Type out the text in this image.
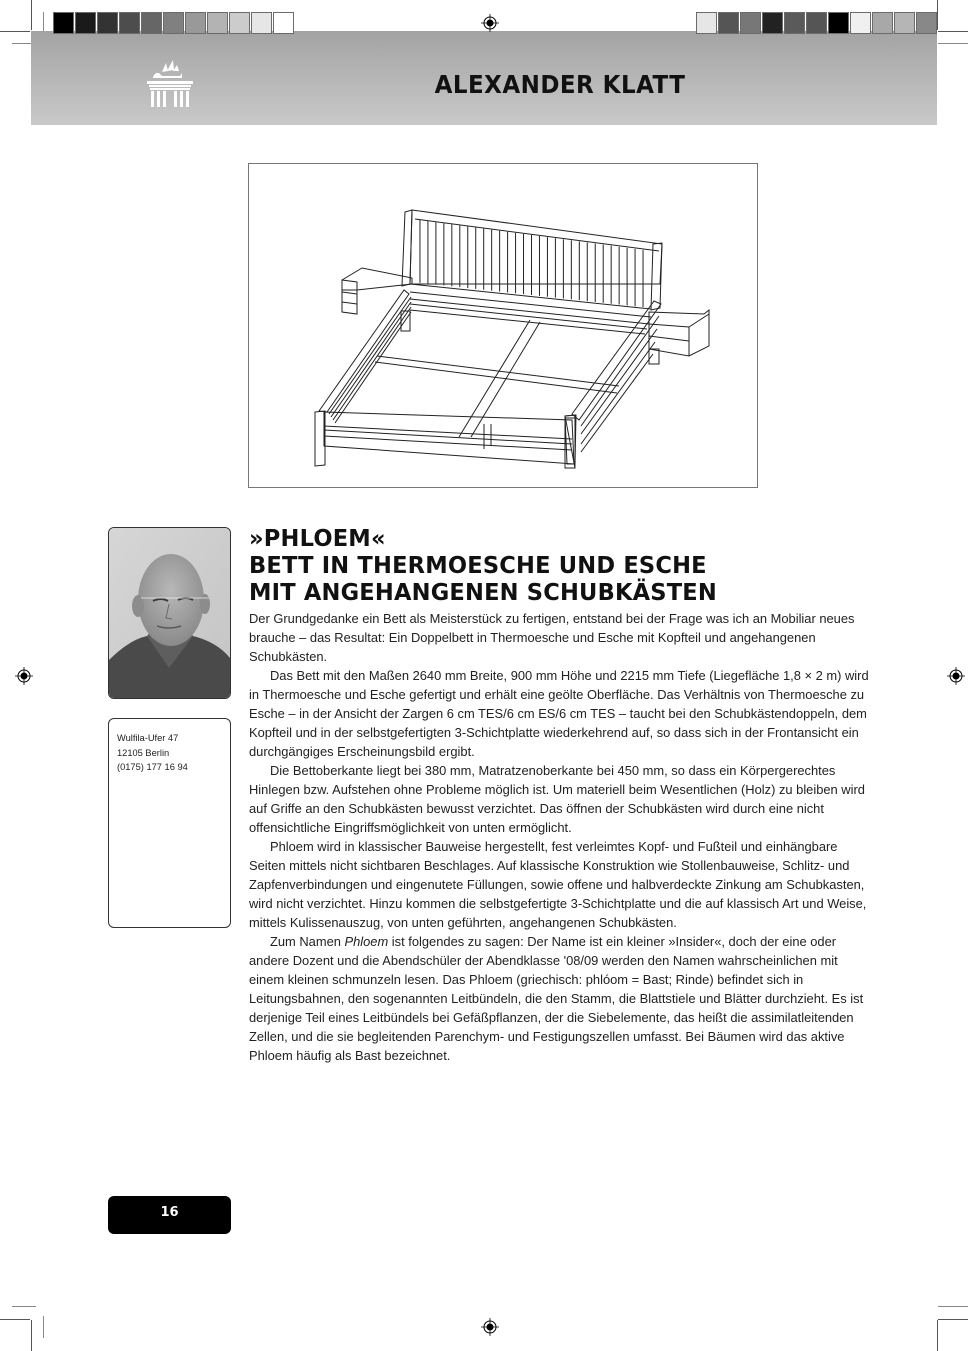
ALEXANDER KLATT
Wulfila-Ufer 47
12105 Berlin
(0175) 177 16 94
»PHLOEM«
BETT IN THERMOESCHE UND ESCHE
MIT ANGEHANGENEN SCHUBKÄSTEN

Der Grundgedanke ein Bett als Meisterstück zu fertigen, entstand bei der Frage was ich an Mobiliar neues brauche – das Resultat: Ein Doppelbett in Thermoesche und Esche mit Kopfteil und angehangenen Schubkästen.

Das Bett mit den Maßen 2640 mm Breite, 900 mm Höhe und 2215 mm Tiefe (Liegefläche 1,8 × 2 m) wird in Thermoesche und Esche gefertigt und erhält eine geölte Oberfläche. Das Verhältnis von Thermoesche zu Esche – in der Ansicht der Zargen 6 cm TES/6 cm ES/6 cm TES – taucht bei den Schubkästendoppeln, dem Kopfteil und in der selbstgefertigten 3-Schichtplatte wiederkehrend auf, so dass sich in der Frontansicht ein durchgängiges Erscheinungsbild ergibt.

Die Bettoberkante liegt bei 380 mm, Matratzenoberkante bei 450 mm, so dass ein Körpergerechtes Hinlegen bzw. Aufstehen ohne Probleme möglich ist. Um materiell beim Wesentlichen (Holz) zu bleiben wird auf Griffe an den Schubkästen bewusst verzichtet. Das öffnen der Schubkästen wird durch eine nicht offensichtliche Eingriffsmöglichkeit von unten ermöglicht.

Phloem wird in klassischer Bauweise hergestellt, fest verleimtes Kopf- und Fußteil und einhängbare Seiten mittels nicht sichtbaren Beschlages. Auf klassische Konstruktion wie Stollenbauweise, Schlitz- und Zapfenverbindungen und eingenutete Füllungen, sowie offene und halbverdeckte Zinkung am Schubkasten, wird nicht verzichtet. Hinzu kommen die selbstgefertigte 3-Schichtplatte und die auf klassisch Art und Weise, mittels Kulissenauszug, von unten geführten, angehangenen Schubkästen.

Zum Namen Phloem ist folgendes zu sagen: Der Name ist ein kleiner »Insider«, doch der eine oder andere Dozent und die Abendschüler der Abendklasse '08/09 werden den Namen wahrscheinlichen mit einem kleinen schmunzeln lesen. Das Phloem (griechisch: phlóom = Bast; Rinde) befindet sich in Leitungsbahnen, den sogenannten Leitbündeln, die den Stamm, die Blattstiele und Blätter durchzieht. Es ist derjenige Teil eines Leitbündels bei Gefäßpflanzen, der die Siebelemente, das heißt die assimilatleitenden Zellen, und die sie begleitenden Parenchym- und Festigungszellen umfasst. Bei Bäumen wird das aktive Phloem häufig als Bast bezeichnet.

16
